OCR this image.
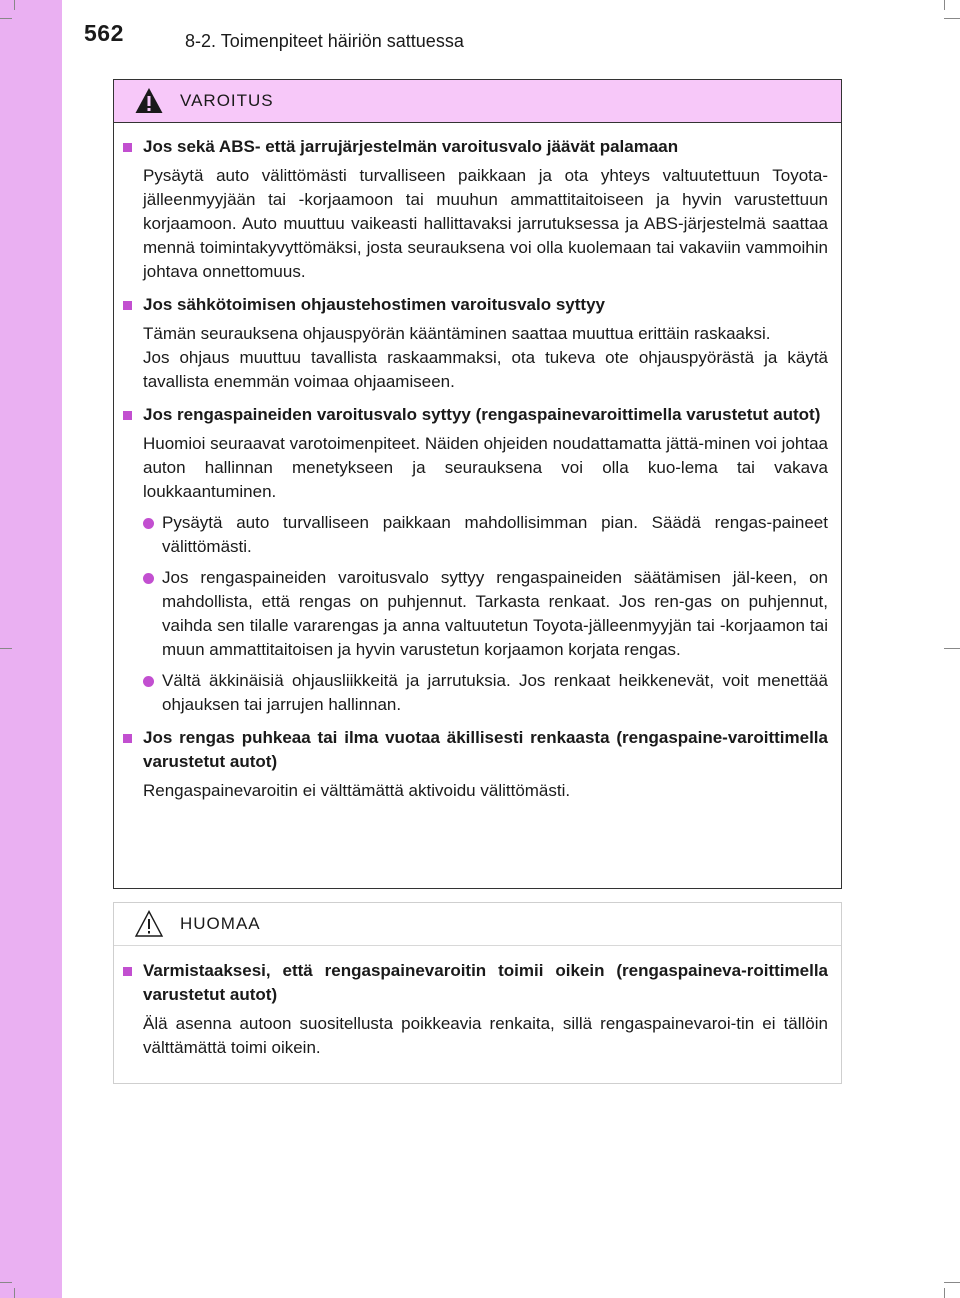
562	8-2. Toimenpiteet häiriön sattuessa
VAROITUS
Jos sekä ABS- että jarrujärjestelmän varoitusvalo jäävät palamaan
Pysäytä auto välittömästi turvalliseen paikkaan ja ota yhteys valtuutettuun Toyota-jälleenmyyjään tai -korjaamoon tai muuhun ammattitaitoiseen ja hyvin varustettuun korjaamoon. Auto muuttuu vaikeasti hallittavaksi jarrutuksessa ja ABS-järjestelmä saattaa mennä toimintakyvyttömäksi, josta seurauksena voi olla kuolemaan tai vakaviin vammoihin johtava onnettomuus.
Jos sähkötoimisen ohjaustehostimen varoitusvalo syttyy
Tämän seurauksena ohjauspyörän kääntäminen saattaa muuttua erittäin raskaaksi.
Jos ohjaus muuttuu tavallista raskaammaksi, ota tukeva ote ohjauspyörästä ja käytä tavallista enemmän voimaa ohjaamiseen.
Jos rengaspaineiden varoitusvalo syttyy (rengaspainevaroittimella varustetut autot)
Huomioi seuraavat varotoimenpiteet. Näiden ohjeiden noudattamatta jättä-minen voi johtaa auton hallinnan menetykseen ja seurauksena voi olla kuo-lema tai vakava loukkaantuminen.
Pysäytä auto turvalliseen paikkaan mahdollisimman pian. Säädä rengas-paineet välittömästi.
Jos rengaspaineiden varoitusvalo syttyy rengaspaineiden säätämisen jäl-keen, on mahdollista, että rengas on puhjennut. Tarkasta renkaat. Jos ren-gas on puhjennut, vaihda sen tilalle vararengas ja anna valtuutetun Toyota-jälleenmyyjän tai -korjaamon tai muun ammattitaitoisen ja hyvin varustetun korjaamon korjata rengas.
Vältä äkkinäisiä ohjausliikkeitä ja jarrutuksia. Jos renkaat heikkenevät, voit menettää ohjauksen tai jarrujen hallinnan.
Jos rengas puhkeaa tai ilma vuotaa äkillisesti renkaasta (rengaspaine-varoittimella varustetut autot)
Rengaspainevaroitin ei välttämättä aktivoidu välittömästi.
HUOMAA
Varmistaaksesi, että rengaspainevaroitin toimii oikein (rengaspaineva-roittimella varustetut autot)
Älä asenna autoon suositellusta poikkeavia renkaita, sillä rengaspainevaroi-tin ei tällöin välttämättä toimi oikein.
